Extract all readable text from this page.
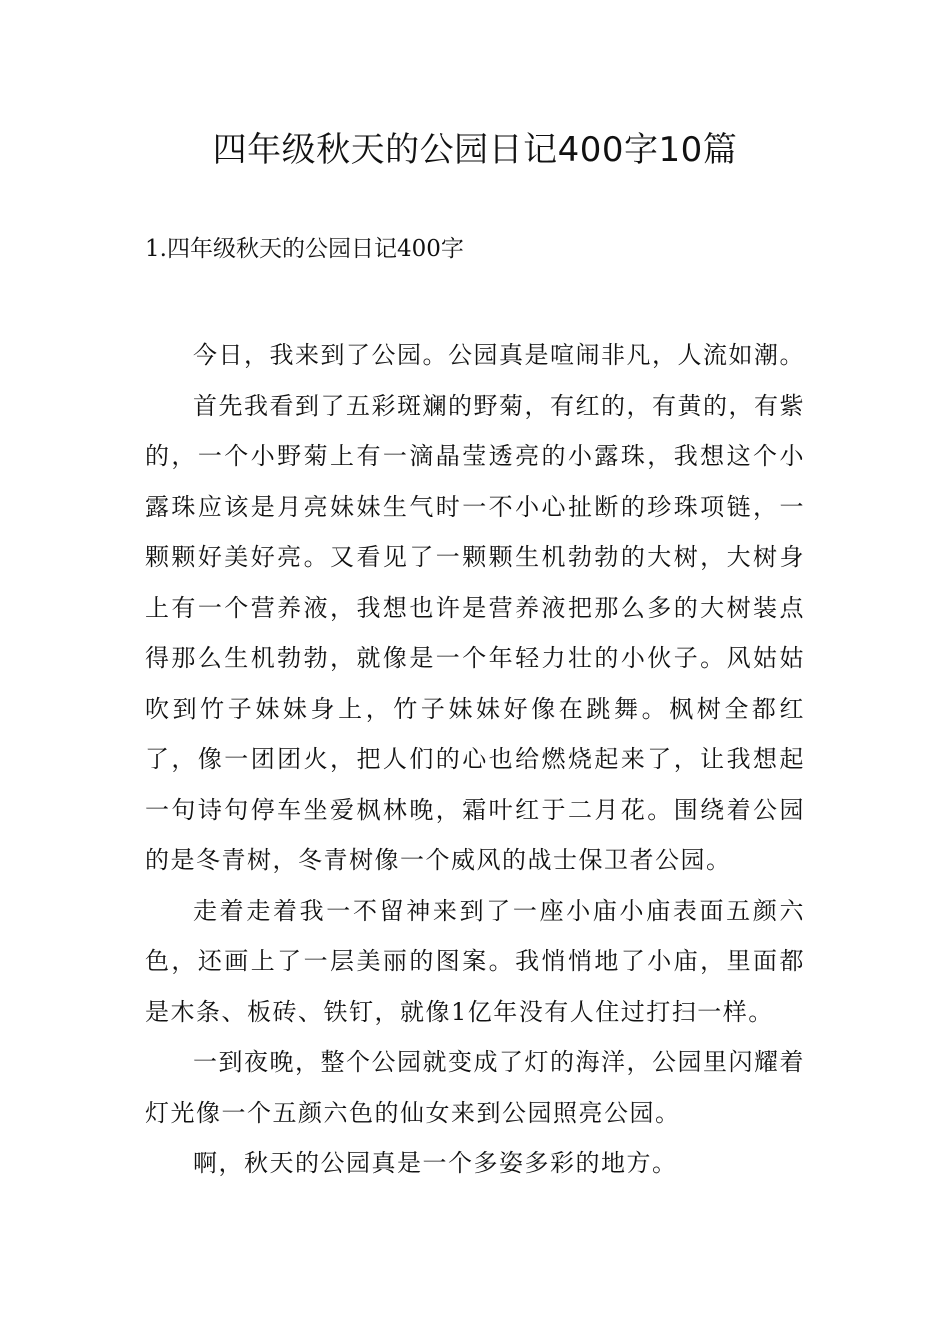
四年级秋天的公园日记400字10篇
1.四年级秋天的公园日记400字

今日，我来到了公园。公园真是喧闹非凡，人流如潮。

首先我看到了五彩斑斓的野菊，有红的，有黄的，有紫的，一个小野菊上有一滴晶莹透亮的小露珠，我想这个小露珠应该是月亮妹妹生气时一不小心扯断的珍珠项链，一颗颗好美好亮。又看见了一颗颗生机勃勃的大树，大树身上有一个营养液，我想也许是营养液把那么多的大树装点得那么生机勃勃，就像是一个年轻力壮的小伙子。风姑姑吹到竹子妹妹身上，竹子妹妹好像在跳舞。枫树全都红了，像一团团火，把人们的心也给燃烧起来了，让我想起一句诗句停车坐爱枫林晚，霜叶红于二月花。围绕着公园的是冬青树，冬青树像一个威风的战士保卫者公园。

走着走着我一不留神来到了一座小庙小庙表面五颜六色，还画上了一层美丽的图案。我悄悄地了小庙，里面都是木条、板砖、铁钉，就像1亿年没有人住过打扫一样。

一到夜晚，整个公园就变成了灯的海洋，公园里闪耀着灯光像一个五颜六色的仙女来到公园照亮公园。

啊，秋天的公园真是一个多姿多彩的地方。
